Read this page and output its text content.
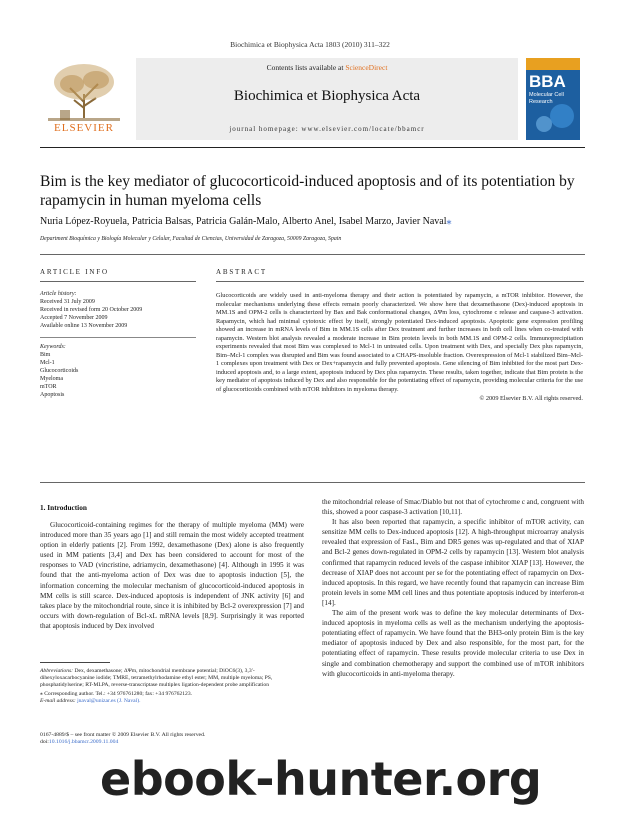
Biochimica et Biophysica Acta 1803 (2010) 311–322
ELSEVIER
Contents lists available at ScienceDirect
Biochimica et Biophysica Acta
journal homepage: www.elsevier.com/locate/bbamcr
BBA
Molecular Cell
Research
Bim is the key mediator of glucocorticoid-induced apoptosis and of its potentiation by rapamycin in human myeloma cells
Nuria López-Royuela, Patricia Balsas, Patricia Galán-Malo, Alberto Anel, Isabel Marzo, Javier Naval⁎
Department Bioquímica y Biología Molecular y Celular, Facultad de Ciencias, Universidad de Zaragoza, 50009 Zaragoza, Spain
ARTICLE INFO	ABSTRACT
Article history:
Received 31 July 2009
Received in revised form 20 October 2009
Accepted 7 November 2009
Available online 13 November 2009
Keywords:
Bim
Mcl-1
Glucocorticoids
Myeloma
mTOR
Apoptosis
Glucocorticoids are widely used in anti-myeloma therapy and their action is potentiated by rapamycin, a mTOR inhibitor. However, the molecular mechanisms underlying these effects remain poorly characterized. We show here that dexamethasone (Dex)-induced apoptosis in MM.1S and OPM-2 cells is characterized by Bax and Bak conformational changes, ΔΨm loss, cytochrome c release and caspase-3 activation. Rapamycin, which had minimal cytotoxic effect by itself, strongly potentiated Dex-induced apoptosis. Apoptotic gene expression profiling showed an increase in mRNA levels of Bim in MM.1S cells after Dex treatment and further increases in both cell lines when co-treated with rapamycin. Western blot analysis revealed a moderate increase in Bim protein levels in both MM.1S and OPM-2 cells. Immunoprecipitation experiments revealed that most Bim was complexed to Mcl-1 in untreated cells. Upon treatment with Dex, and specially Dex plus rapamycin, Bim–Mcl-1 complex was disrupted and Bim was found associated to a CHAPS-insoluble fraction. Overexpression of Mcl-1 stabilized Bim–Mcl-1 complexes upon treatment with Dex or Dex+rapamycin and fully prevented apoptosis. Gene silencing of Bim inhibited for the most part Dex-induced apoptosis and, to a large extent, apoptosis induced by Dex plus rapamycin. These results, taken together, indicate that Bim protein is the key mediator of apoptosis induced by Dex and also responsible for the potentiating effect of rapamycin, providing molecular criteria for the use of glucocorticoids combined with mTOR inhibitors in myeloma therapy.
© 2009 Elsevier B.V. All rights reserved.
1. Introduction
Glucocorticoid-containing regimes for the therapy of multiple myeloma (MM) were introduced more than 35 years ago [1] and still remain the most widely accepted treatment option in elderly patients [2]. From 1992, dexamethasone (Dex) alone is also frequently used in MM patients [3,4] and Dex has been considered to account for most of the responses to VAD (vincristine, adriamycin, dexamethasone) [4]. Although in 1995 it was found that the anti-myeloma action of Dex was due to apoptosis induction [5], the information concerning the molecular mechanism of glucocorticoid-induced apoptosis in MM cells is still scarce. Dex-induced apoptosis is independent of JNK activity [6] and takes place by the mitochondrial route, since it is inhibited by Bcl-2 overexpression [7] and occurs with down-regulation of Bcl-xL mRNA levels [8,9]. Surprisingly it was reported that apoptosis induced by Dex involved

the mitochondrial release of Smac/Diablo but not that of cytochrome c and, congruent with this, showed a poor caspase-3 activation [10,11].

It has also been reported that rapamycin, a specific inhibitor of mTOR activity, can sensitize MM cells to Dex-induced apoptosis [12]. A high-throughput microarray analysis revealed that expression of FasL, Bim and DR5 genes was up-regulated and that of XIAP and Bcl-2 genes down-regulated in OPM-2 cells by rapamycin [13]. Western blot analysis confirmed that rapamycin reduced levels of the caspase inhibitor XIAP [13]. However, the decrease of XIAP does not account per se for the potentiating effect of rapamycin on Dex-induced apoptosis. In this regard, we have recently found that rapamycin can increase Bim protein levels in some MM cell lines and thus potentiate apoptosis induced by interferon-α [14].

The aim of the present work was to define the key molecular determinants of Dex-induced apoptosis in myeloma cells as well as the mechanism underlying the apoptosis-potentiating effect of rapamycin. We have found that the BH3-only protein Bim is the key mediator of apoptosis induced by Dex and also responsible, for the most part, for the potentiating effect of rapamycin. These results provide molecular criteria to use Dex in single and combination chemotherapy and support the combined use of mTOR inhibitors with glucocorticoids in anti-myeloma therapy.

Abbreviations: Dex, dexamethasone; ΔΨm, mitochondrial membrane potential; DiOC6(3), 3,3′-dihexyloxacarbocyanine iodide; TMRE, tetramethylrhodamine ethyl ester; MM, multiple myeloma; PS, phosphatidylserine; RT-MLPA, reverse-transcriptase multiplex ligation-dependent probe amplification
⁎ Corresponding author. Tel.: +34 976761280; fax: +34 976762123.
E-mail address: jnaval@unizar.es (J. Naval).
0167-4889/$ – see front matter © 2009 Elsevier B.V. All rights reserved.
doi:10.1016/j.bbamcr.2009.11.004
ebook-hunter.org
